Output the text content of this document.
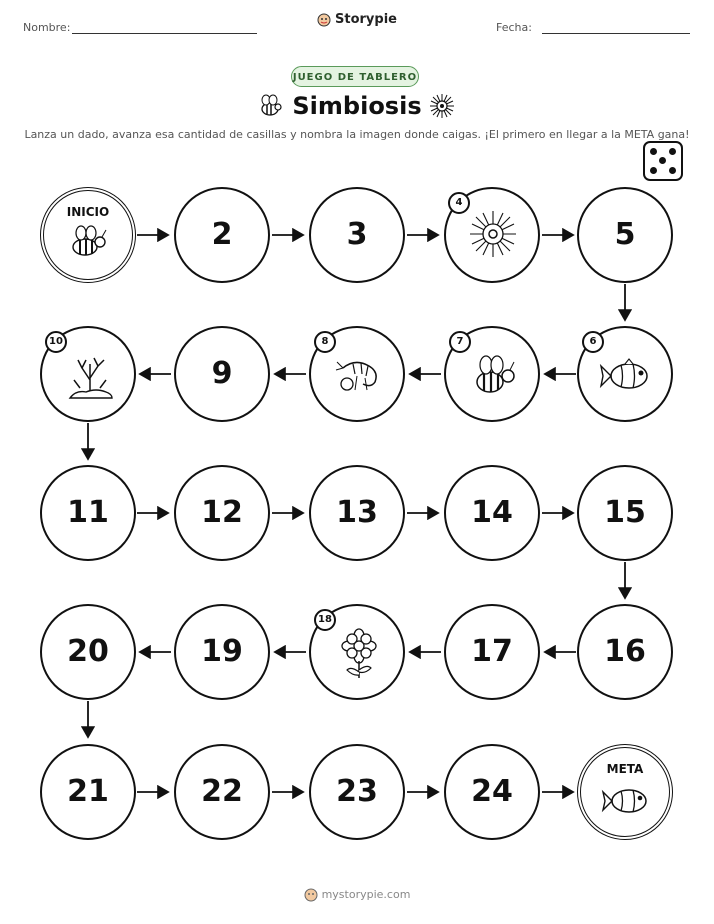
Nombre:
Storypie
Fecha:
JUEGO DE TABLERO
Simbiosis
Lanza un dado, avanza esa cantidad de casillas y nombra la imagen donde caigas. ¡El primero en llegar a la META gana!
INICIO
2	3
4
5
10
9
8	7	6
11	12	13	14	15
20	19
18
17	16
21	22	23	24
META
mystorypie.com
